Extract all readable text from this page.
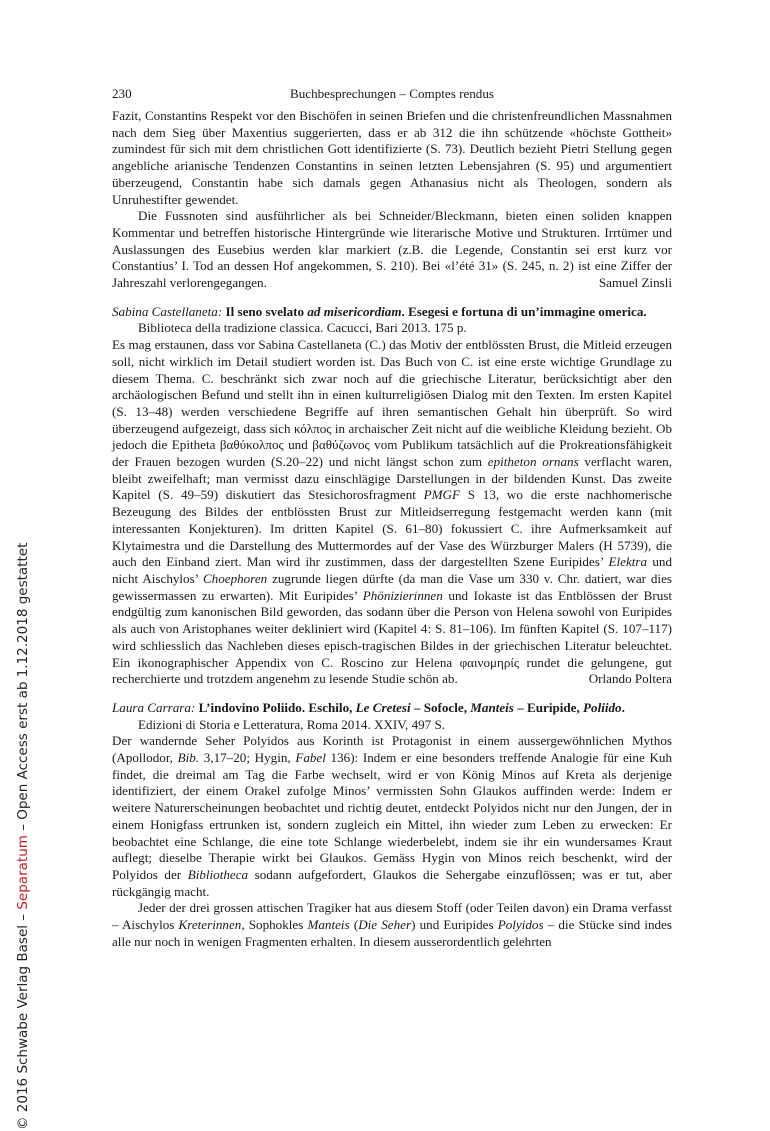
© 2016 Schwabe Verlag Basel – Separatum – Open Access erst ab 1.12.2018 gestattet
230	Buchbesprechungen – Comptes rendus

Fazit, Constantins Respekt vor den Bischöfen in seinen Briefen und die christenfreundlichen Massnahmen nach dem Sieg über Maxentius suggerierten, dass er ab 312 die ihn schützende «höchste Gottheit» zumindest für sich mit dem christlichen Gott identifizierte (S. 73). Deutlich bezieht Pietri Stellung gegen angebliche arianische Tendenzen Constantins in seinen letzten Lebensjahren (S. 95) und argumentiert überzeugend, Constantin habe sich damals gegen Athanasius nicht als Theologen, sondern als Unruhestifter gewendet.

Die Fussnoten sind ausführlicher als bei Schneider/Bleckmann, bieten einen soliden knappen Kommentar und betreffen historische Hintergründe wie literarische Motive und Strukturen. Irrtümer und Auslassungen des Eusebius werden klar markiert (z.B. die Legende, Constantin sei erst kurz vor Constantius’ I. Tod an dessen Hof angekommen, S. 210). Bei «l’été 31» (S. 245, n. 2) ist eine Ziffer der Jahreszahl verlorengegangen.	Samuel Zinsli

Sabina Castellaneta: Il seno svelato ad misericordiam. Esegesi e fortuna di un’immagine omerica.
Biblioteca della tradizione classica. Cacucci, Bari 2013. 175 p.

Es mag erstaunen, dass vor Sabina Castellaneta (C.) das Motiv der entblössten Brust, die Mitleid erzeugen soll, nicht wirklich im Detail studiert worden ist. Das Buch von C. ist eine erste wichtige Grundlage zu diesem Thema. C. beschränkt sich zwar noch auf die griechische Literatur, berücksichtigt aber den archäologischen Befund und stellt ihn in einen kulturreligiösen Dialog mit den Texten. Im ersten Kapitel (S. 13–48) werden verschiedene Begriffe auf ihren semantischen Gehalt hin überprüft. So wird überzeugend aufgezeigt, dass sich κόλπος in archaischer Zeit nicht auf die weibliche Kleidung bezieht. Ob jedoch die Epitheta βαθύκολπος und βαθύζωνος vom Publikum tatsächlich auf die Prokreationsfähigkeit der Frauen bezogen wurden (S.20–22) und nicht längst schon zum epitheton ornans verflacht waren, bleibt zweifelhaft; man vermisst dazu einschlägige Darstellungen in der bildenden Kunst. Das zweite Kapitel (S. 49–59) diskutiert das Stesichorosfragment PMGF S 13, wo die erste nachhomerische Bezeugung des Bildes der entblössten Brust zur Mitleidserregung festgemacht werden kann (mit interessanten Konjekturen). Im dritten Kapitel (S. 61–80) fokussiert C. ihre Aufmerksamkeit auf Klytaimestra und die Darstellung des Muttermordes auf der Vase des Würzburger Malers (H 5739), die auch den Einband ziert. Man wird ihr zustimmen, dass der dargestellten Szene Euripides’ Elektra und nicht Aischylos’ Choephoren zugrunde liegen dürfte (da man die Vase um 330 v. Chr. datiert, war dies gewissermassen zu erwarten). Mit Euripides’ Phönizierinnen und Iokaste ist das Entblössen der Brust endgültig zum kanonischen Bild geworden, das sodann über die Person von Helena sowohl von Euripides als auch von Aristophanes weiter dekliniert wird (Kapitel 4: S. 81–106). Im fünften Kapitel (S. 107–117) wird schliesslich das Nachleben dieses episch-tragischen Bildes in der griechischen Literatur beleuchtet. Ein ikonographischer Appendix von C. Roscino zur Helena φαινομηρίς rundet die gelungene, gut recherchierte und trotzdem angenehm zu lesende Studie schön ab.	Orlando Poltera

Laura Carrara: L’indovino Poliido. Eschilo, Le Cretesi – Sofocle, Manteis – Euripide, Poliido.
Edizioni di Storia e Letteratura, Roma 2014. XXIV, 497 S.

Der wandernde Seher Polyidos aus Korinth ist Protagonist in einem aussergewöhnlichen Mythos (Apollodor, Bib. 3,17–20; Hygin, Fabel 136): Indem er eine besonders treffende Analogie für eine Kuh findet, die dreimal am Tag die Farbe wechselt, wird er von König Minos auf Kreta als derjenige identifiziert, der einem Orakel zufolge Minos’ vermissten Sohn Glaukos auffinden werde: Indem er weitere Naturerscheinungen beobachtet und richtig deutet, entdeckt Polyidos nicht nur den Jungen, der in einem Honigfass ertrunken ist, sondern zugleich ein Mittel, ihn wieder zum Leben zu erwecken: Er beobachtet eine Schlange, die eine tote Schlange wiederbelebt, indem sie ihr ein wundersames Kraut auflegt; dieselbe Therapie wirkt bei Glaukos. Gemäss Hygin von Minos reich beschenkt, wird der Polyidos der Bibliotheca sodann aufgefordert, Glaukos die Sehergabe einzuflössen; was er tut, aber rückgängig macht.

Jeder der drei grossen attischen Tragiker hat aus diesem Stoff (oder Teilen davon) ein Drama verfasst – Aischylos Kreterinnen, Sophokles Manteis (Die Seher) und Euripides Polyidos – die Stücke sind indes alle nur noch in wenigen Fragmenten erhalten. In diesem ausserordentlich gelehrten
